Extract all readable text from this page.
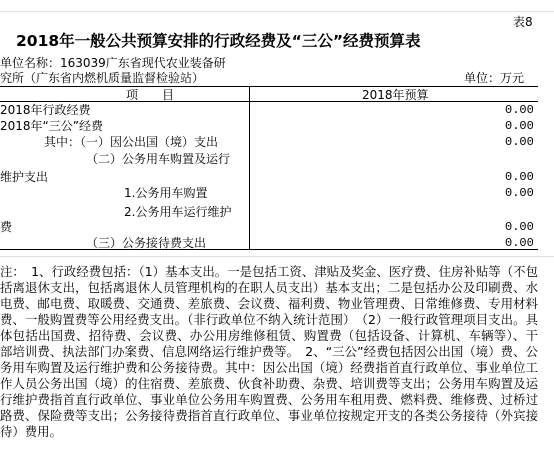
表8
2018年一般公共预算安排的行政经费及“三公”经费预算表
单位名称：163039广东省现代农业装备研
究所（广东省内燃机质量监督检验站）	单位：万元
项　　目	2018年预算
2018年行政经费	0.00
2018年“三公”经费	0.00
其中：（一）因公出国（境）支出	0.00
（二）公务用车购置及运行
维护支出	0.00
1.公务用车购置	0.00
2.公务用车运行维护
费	0.00
（三）公务接待费支出	0.00
注：　1、行政经费包括：（1）基本支出。一是包括工资、津贴及奖金、医疗费、住房补贴等（不包括离退休支出，包括离退休人员管理机构的在职人员支出）基本支出；二是包括办公及印刷费、水电费、邮电费、取暖费、交通费、差旅费、会议费、福利费、物业管理费、日常维修费、专用材料费、一般购置费等公用经费支出。（非行政单位不纳入统计范围）　（2）一般行政管理项目支出。具体包括出国费、招待费、会议费、办公用房维修租赁、购置费（包括设备、计算机、车辆等）、干部培训费、执法部门办案费、信息网络运行维护费等。　2、“三公”经费包括因公出国（境）费、公务用车购置及运行维护费和公务接待费。其中：因公出国（境）经费指首直行政单位、事业单位工作人员公务出国（境）的住宿费、差旅费、伙食补助费、杂费、培训费等支出；公务用车购置及运行维护费指首直行政单位、事业单位公务用车购置费、公务用车租用费、燃料费、维修费、过桥过路费、保险费等支出；公务接待费指首直行政单位、事业单位按规定开支的各类公务接待（外宾接待）费用。
